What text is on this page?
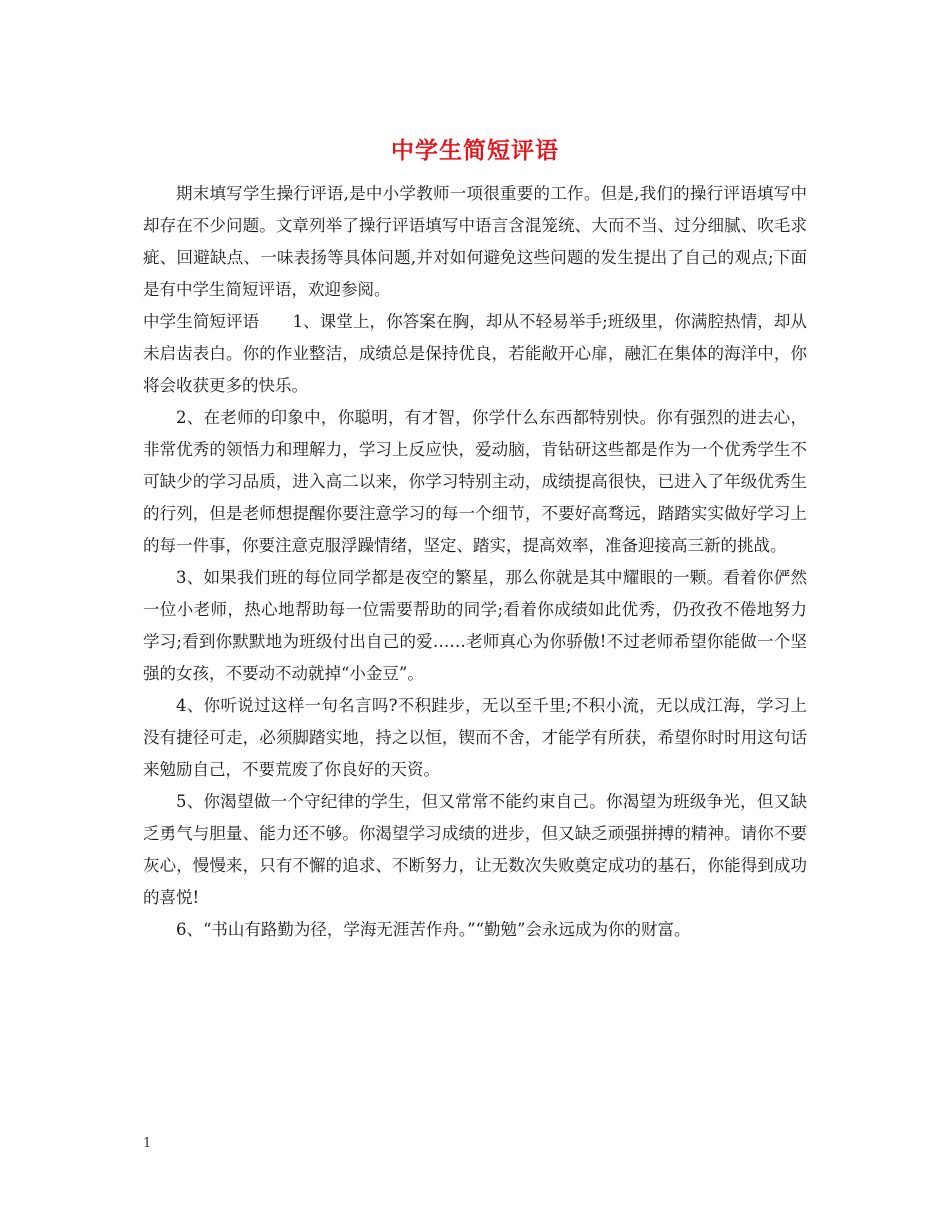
中学生简短评语

期末填写学生操行评语,是中小学教师一项很重要的工作。但是,我们的操行评语填写中却存在不少问题。文章列举了操行评语填写中语言含混笼统、大而不当、过分细腻、吹毛求疵、回避缺点、一味表扬等具体问题,并对如何避免这些问题的发生提出了自己的观点;下面是有中学生简短评语，欢迎参阅。

中学生简短评语　　1、课堂上，你答案在胸，却从不轻易举手;班级里，你满腔热情，却从未启齿表白。你的作业整洁，成绩总是保持优良，若能敞开心扉，融汇在集体的海洋中，你将会收获更多的快乐。

2、在老师的印象中，你聪明，有才智，你学什么东西都特别快。你有强烈的进去心，非常优秀的领悟力和理解力，学习上反应快，爱动脑，肯钻研这些都是作为一个优秀学生不可缺少的学习品质，进入高二以来，你学习特别主动，成绩提高很快，已进入了年级优秀生的行列，但是老师想提醒你要注意学习的每一个细节，不要好高骛远，踏踏实实做好学习上的每一件事，你要注意克服浮躁情绪，坚定、踏实，提高效率，准备迎接高三新的挑战。

3、如果我们班的每位同学都是夜空的繁星，那么你就是其中耀眼的一颗。看着你俨然一位小老师，热心地帮助每一位需要帮助的同学;看着你成绩如此优秀，仍孜孜不倦地努力学习;看到你默默地为班级付出自己的爱……老师真心为你骄傲!不过老师希望你能做一个坚强的女孩，不要动不动就掉“小金豆”。

4、你听说过这样一句名言吗?不积跬步，无以至千里;不积小流，无以成江海，学习上没有捷径可走，必须脚踏实地，持之以恒，锲而不舍，才能学有所获，希望你时时用这句话来勉励自己，不要荒废了你良好的天资。

5、你渴望做一个守纪律的学生，但又常常不能约束自己。你渴望为班级争光，但又缺乏勇气与胆量、能力还不够。你渴望学习成绩的进步，但又缺乏顽强拼搏的精神。请你不要灰心，慢慢来，只有不懈的追求、不断努力，让无数次失败奠定成功的基石，你能得到成功的喜悦!

6、“书山有路勤为径，学海无涯苦作舟。”“勤勉”会永远成为你的财富。

1
